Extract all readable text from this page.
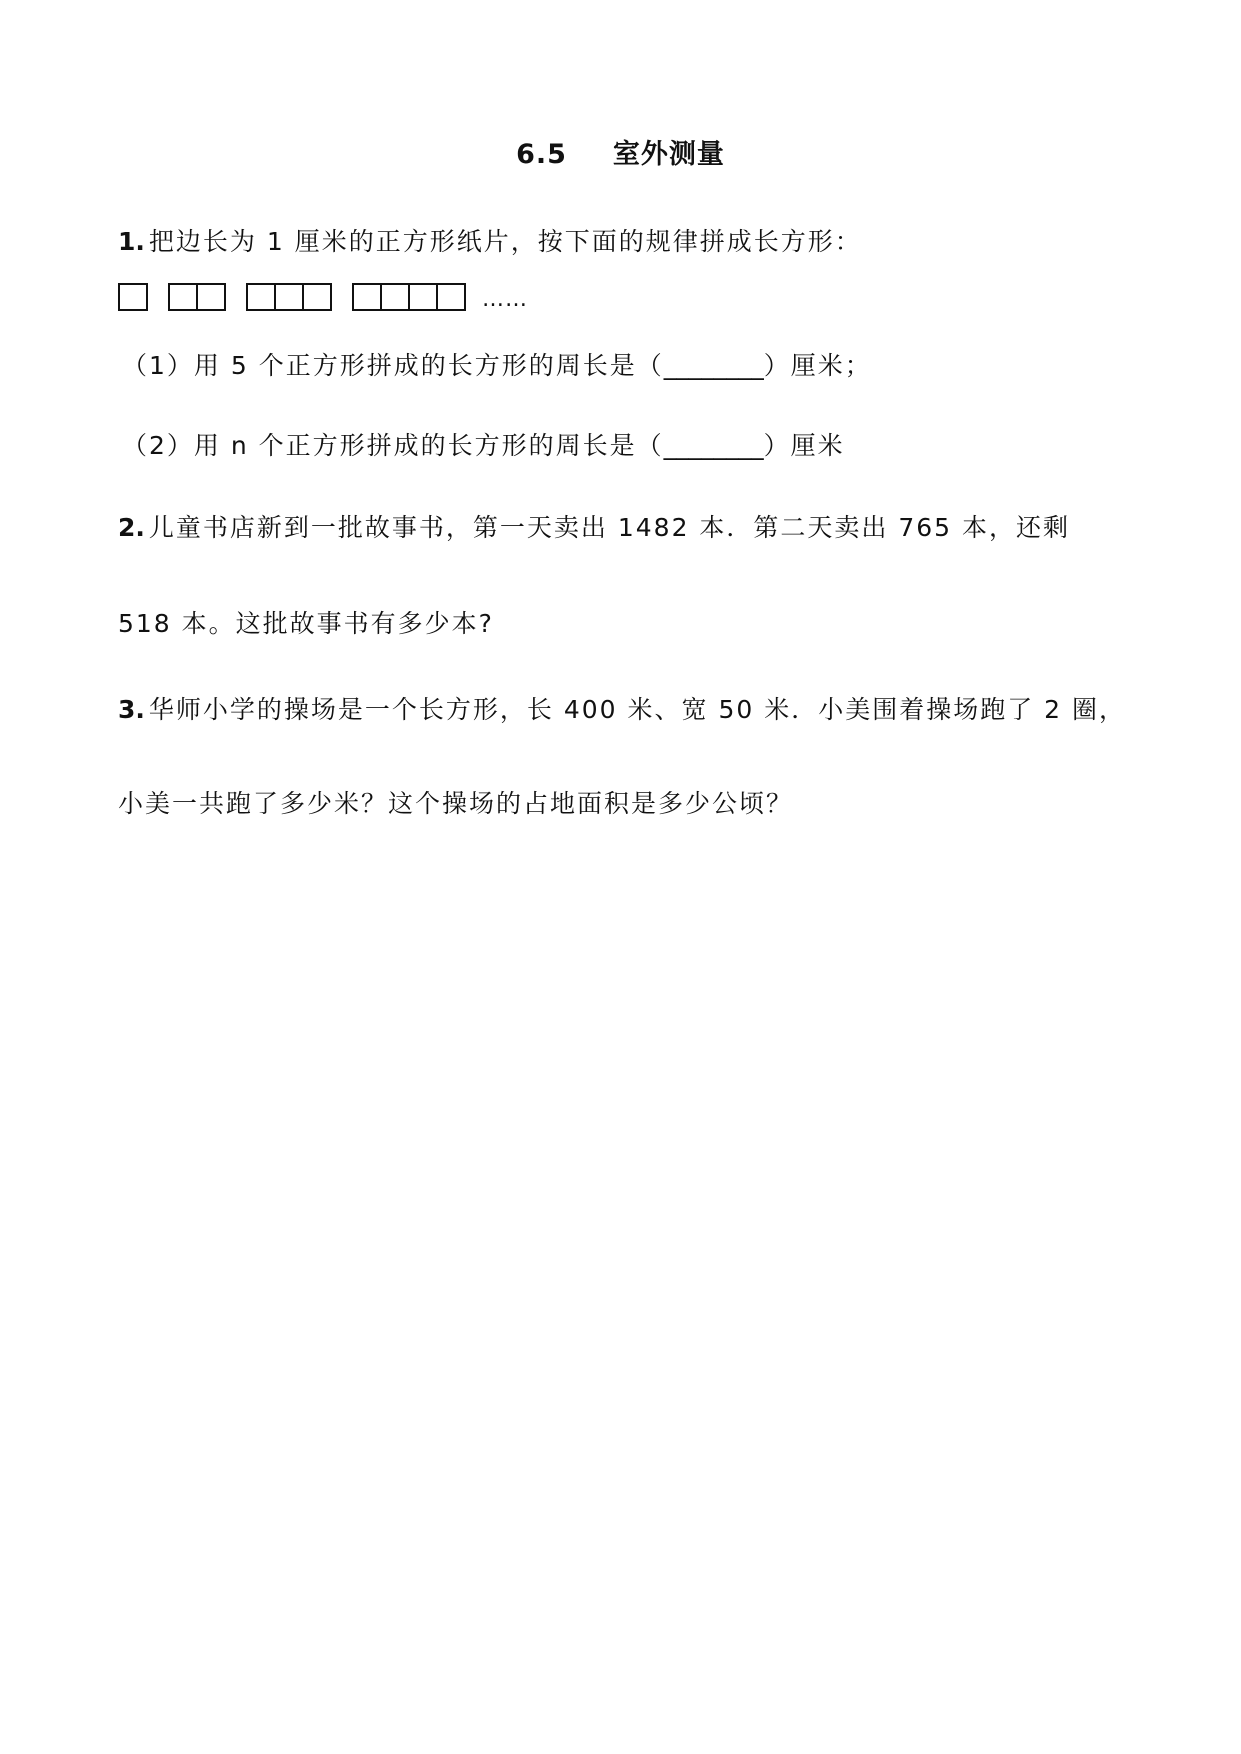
6.5 室外测量
1. 把边长为 1 厘米的正方形纸片，按下面的规律拼成长方形：
……
（1）用 5 个正方形拼成的长方形的周长是（________）厘米；
（2）用 n 个正方形拼成的长方形的周长是（________）厘米
2. 儿童书店新到一批故事书，第一天卖出 1482 本．第二天卖出 765 本，还剩
518 本。这批故事书有多少本?
3. 华师小学的操场是一个长方形，长 400 米、宽 50 米．小美围着操场跑了 2 圈，
小美一共跑了多少米？这个操场的占地面积是多少公顷？
